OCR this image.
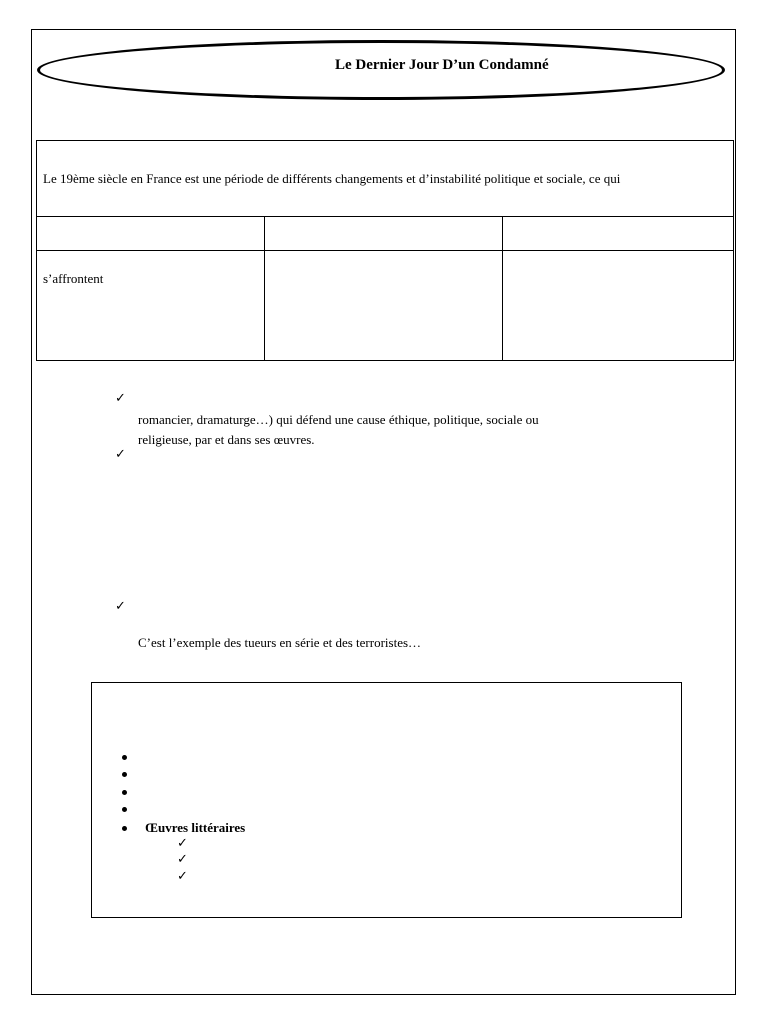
Le Dernier Jour D’un Condamné
Le 19ème siècle en France est une période de différents changements et d’instabilité politique et sociale, ce qui		

s’affrontent		

✓
romancier, dramaturge…) qui défend une cause éthique, politique, sociale ou
religieuse, par et dans ses œuvres.
✓
✓
C’est l’exemple des tueurs en série et des terroristes…
Œuvres littéraires
✓
✓
✓
